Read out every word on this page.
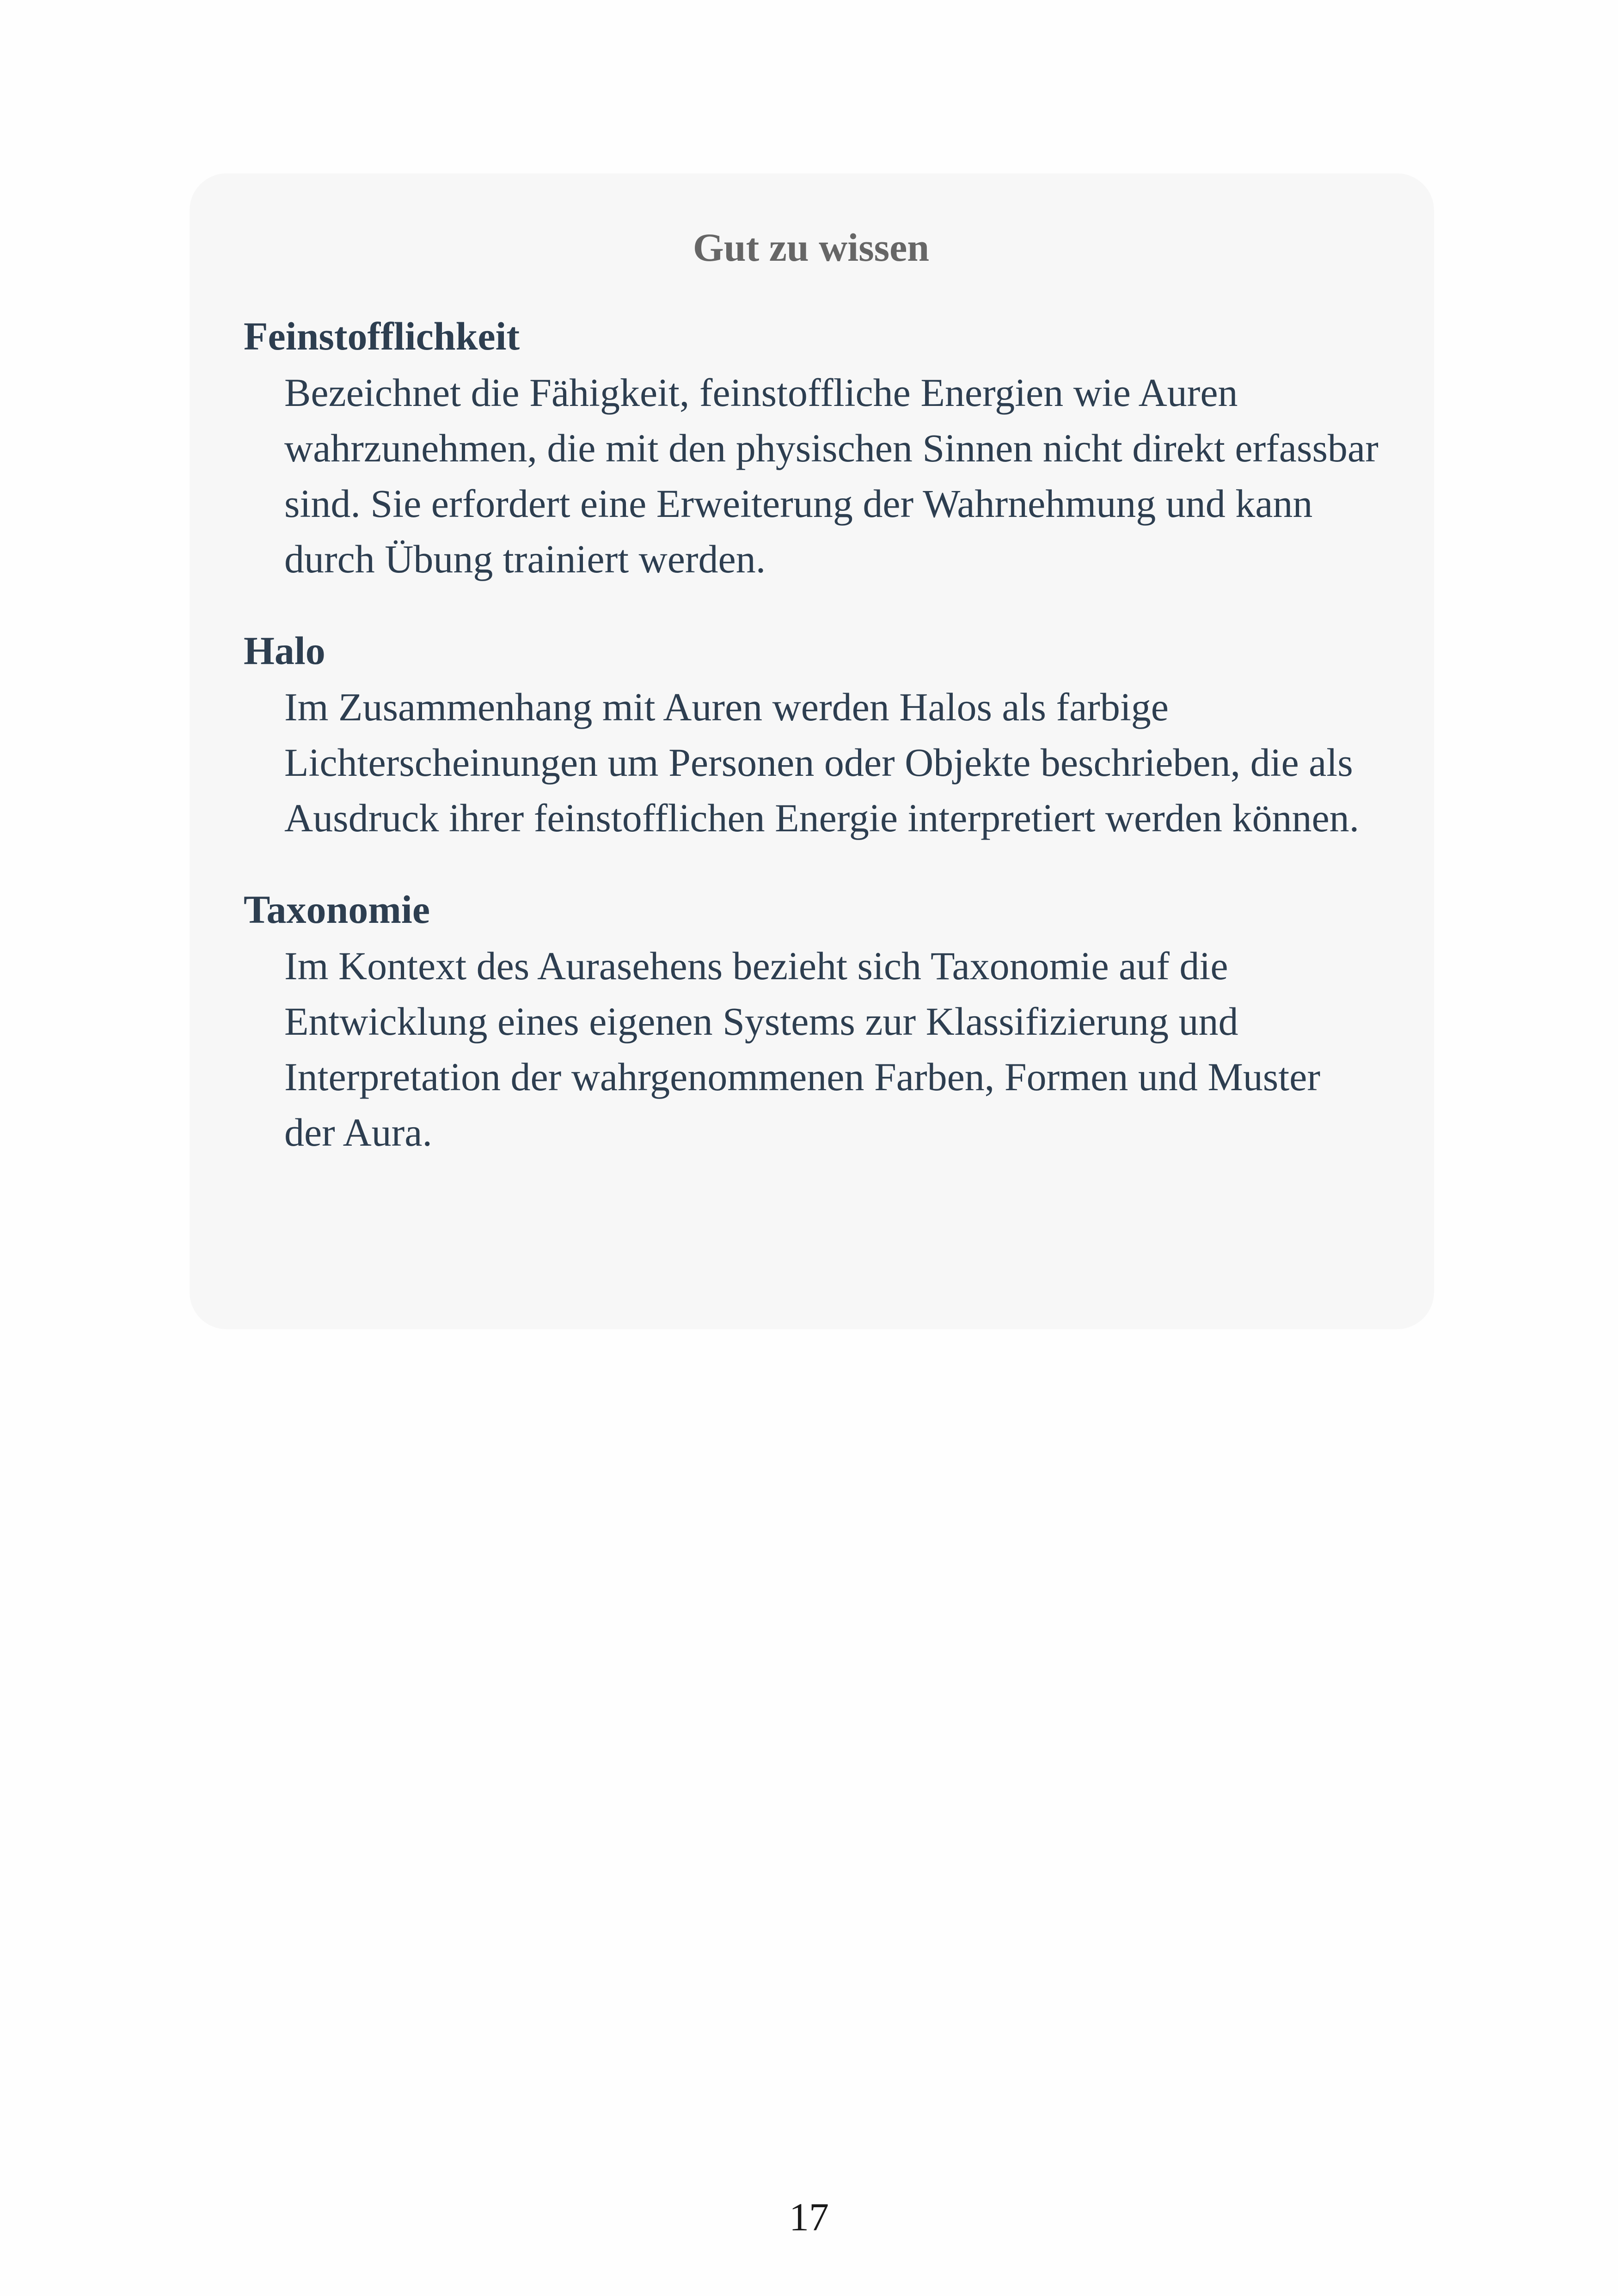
Gut zu wissen
Feinstofflichkeit
Bezeichnet die Fähigkeit, feinstoffliche Energien wie Auren wahrzunehmen, die mit den physischen Sinnen nicht direkt erfassbar sind. Sie erfordert eine Erweiterung der Wahrnehmung und kann durch Übung trainiert werden.
Halo
Im Zusammenhang mit Auren werden Halos als farbige Lichterscheinungen um Personen oder Objekte beschrieben, die als Ausdruck ihrer feinstofflichen Energie interpretiert werden können.
Taxonomie
Im Kontext des Aurasehens bezieht sich Taxonomie auf die Entwicklung eines eigenen Systems zur Klassifizierung und Interpretation der wahrgenommenen Farben, Formen und Muster der Aura.
17
